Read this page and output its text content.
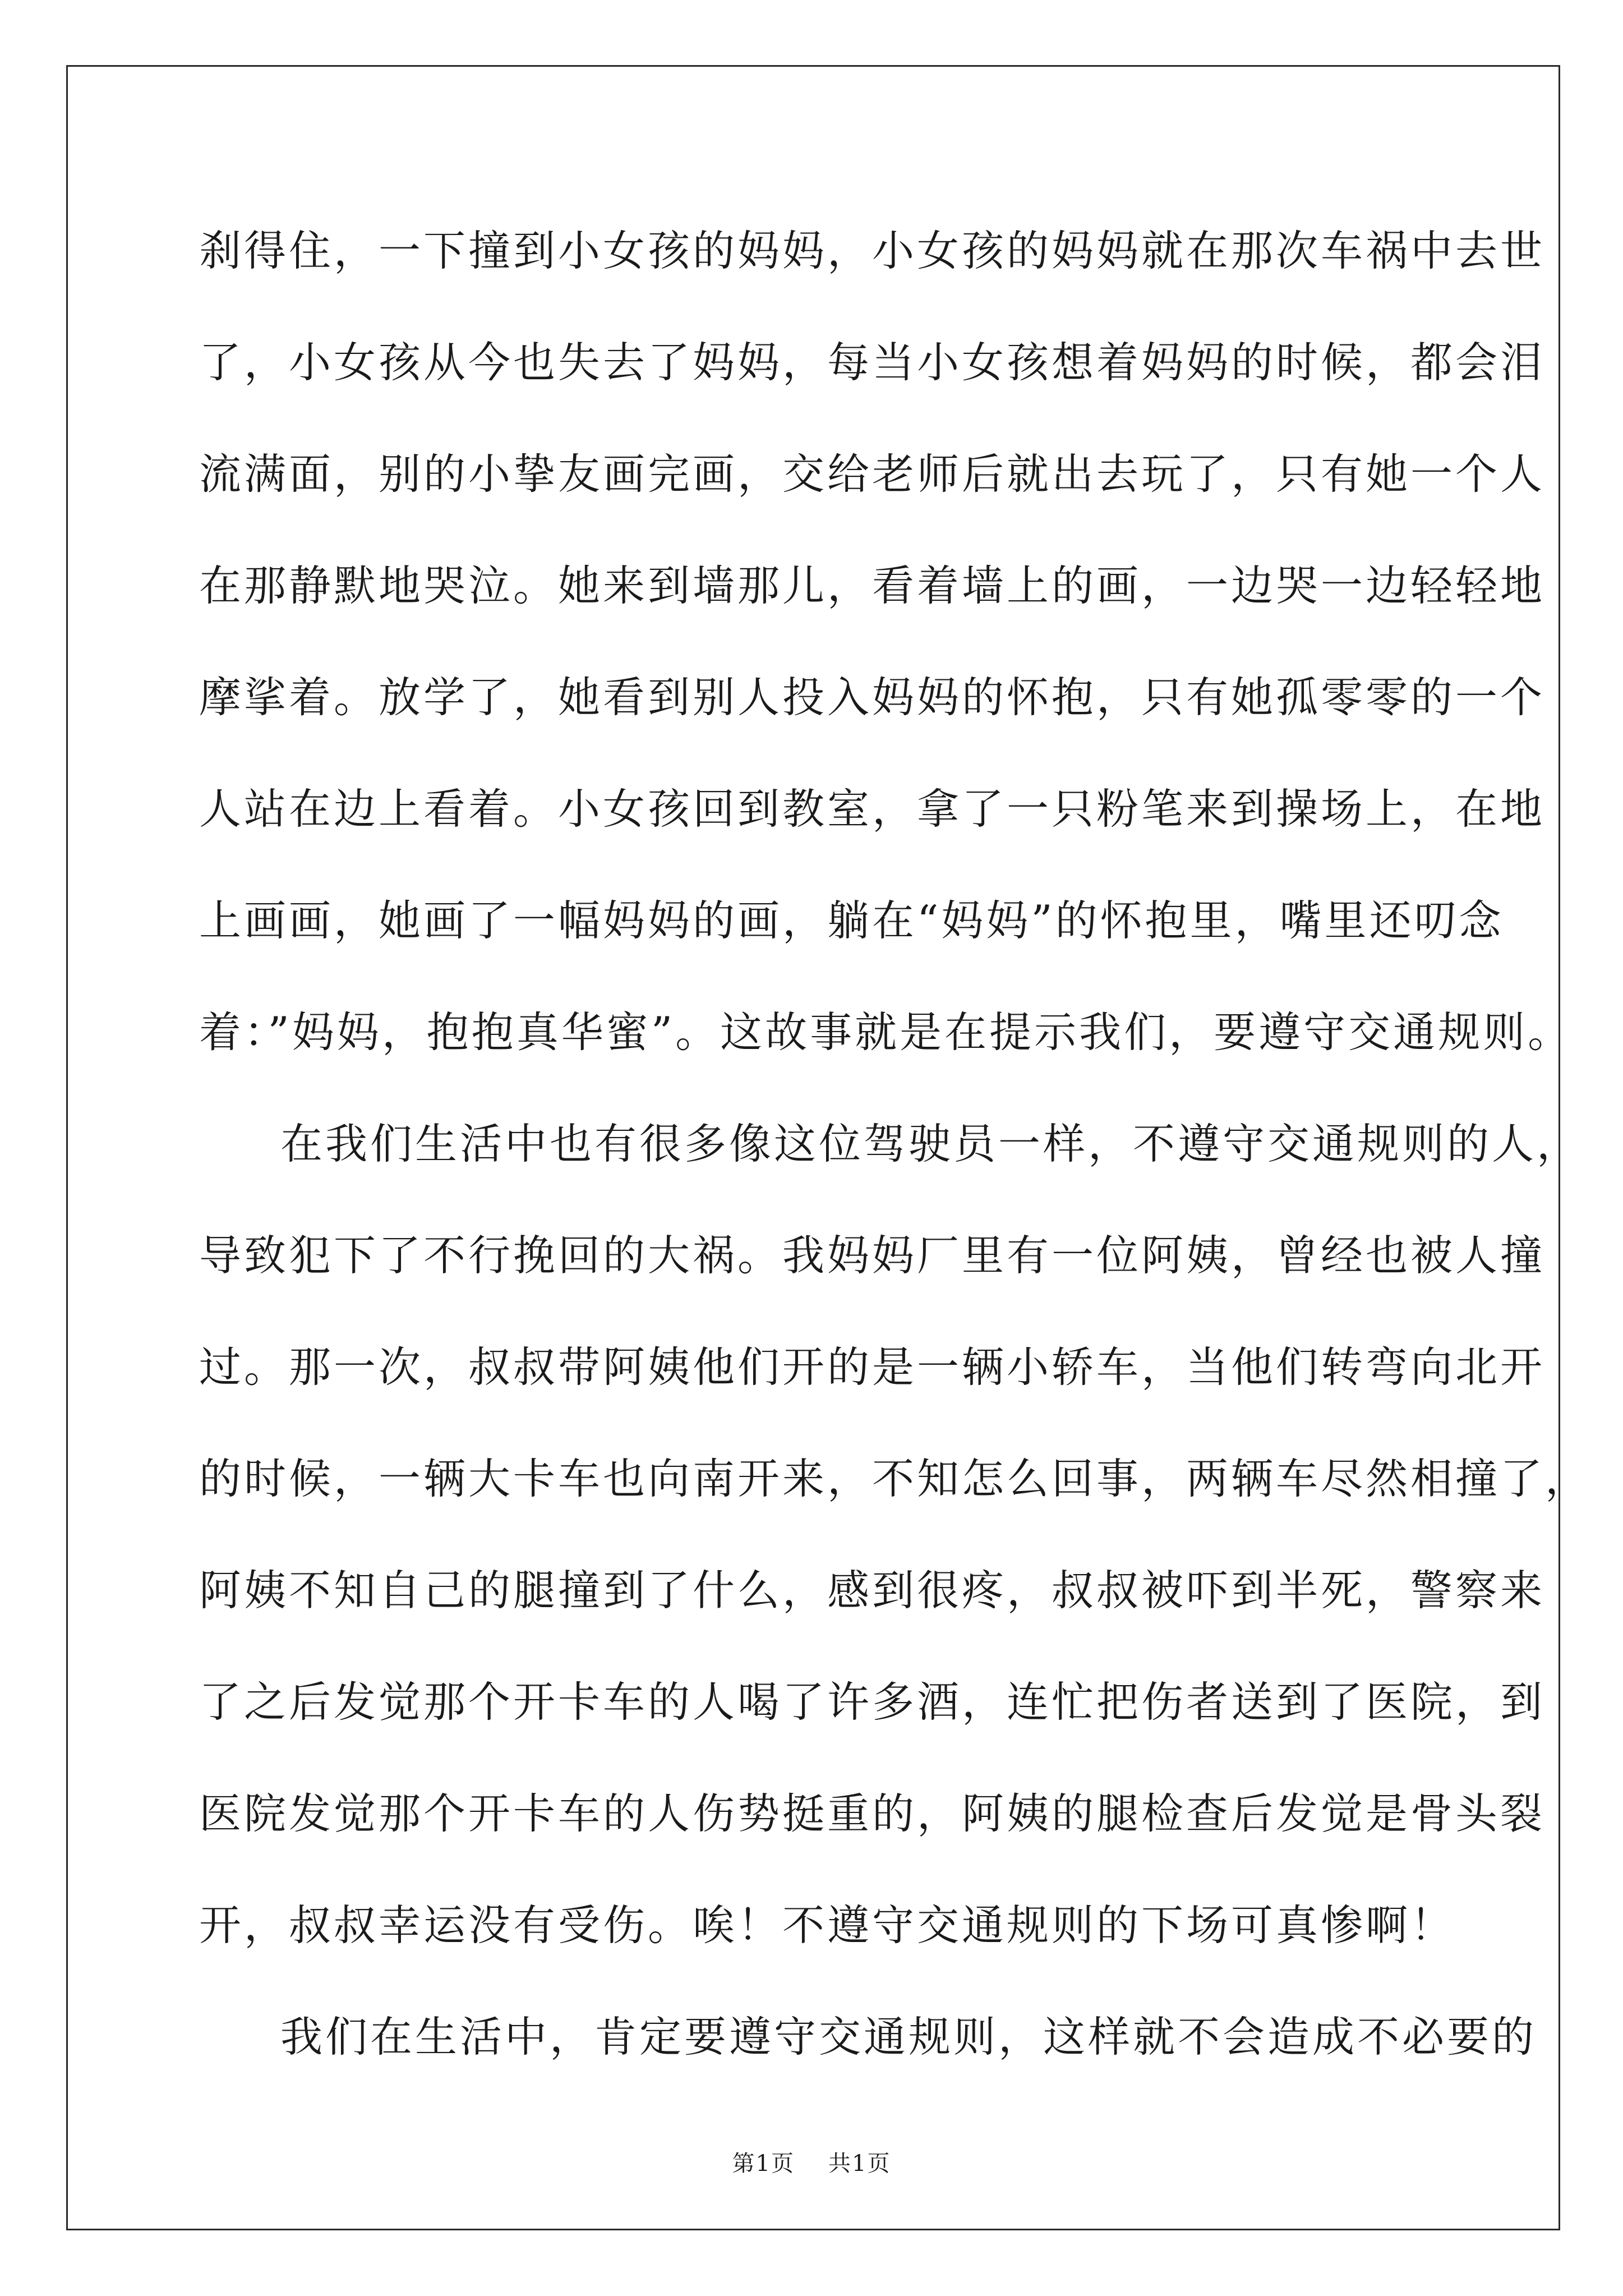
刹得住，一下撞到小女孩的妈妈，小女孩的妈妈就在那次车祸中去世
了，小女孩从今也失去了妈妈，每当小女孩想着妈妈的时候，都会泪
流满面，别的小挚友画完画，交给老师后就出去玩了，只有她一个人
在那静默地哭泣。她来到墙那儿，看着墙上的画，一边哭一边轻轻地
摩挲着。放学了，她看到别人投入妈妈的怀抱，只有她孤零零的一个
人站在边上看着。小女孩回到教室，拿了一只粉笔来到操场上，在地
上画画，她画了一幅妈妈的画，躺在“妈妈”的怀抱里，嘴里还叨念
着：”妈妈，抱抱真华蜜”。这故事就是在提示我们，要遵守交通规则。
在我们生活中也有很多像这位驾驶员一样，不遵守交通规则的人，
导致犯下了不行挽回的大祸。我妈妈厂里有一位阿姨，曾经也被人撞
过。那一次，叔叔带阿姨他们开的是一辆小轿车，当他们转弯向北开
的时候，一辆大卡车也向南开来，不知怎么回事，两辆车尽然相撞了，
阿姨不知自己的腿撞到了什么，感到很疼，叔叔被吓到半死，警察来
了之后发觉那个开卡车的人喝了许多酒，连忙把伤者送到了医院，到
医院发觉那个开卡车的人伤势挺重的，阿姨的腿检查后发觉是骨头裂
开，叔叔幸运没有受伤。唉！不遵守交通规则的下场可真惨啊！
我们在生活中，肯定要遵守交通规则，这样就不会造成不必要的
第1页 共1页
